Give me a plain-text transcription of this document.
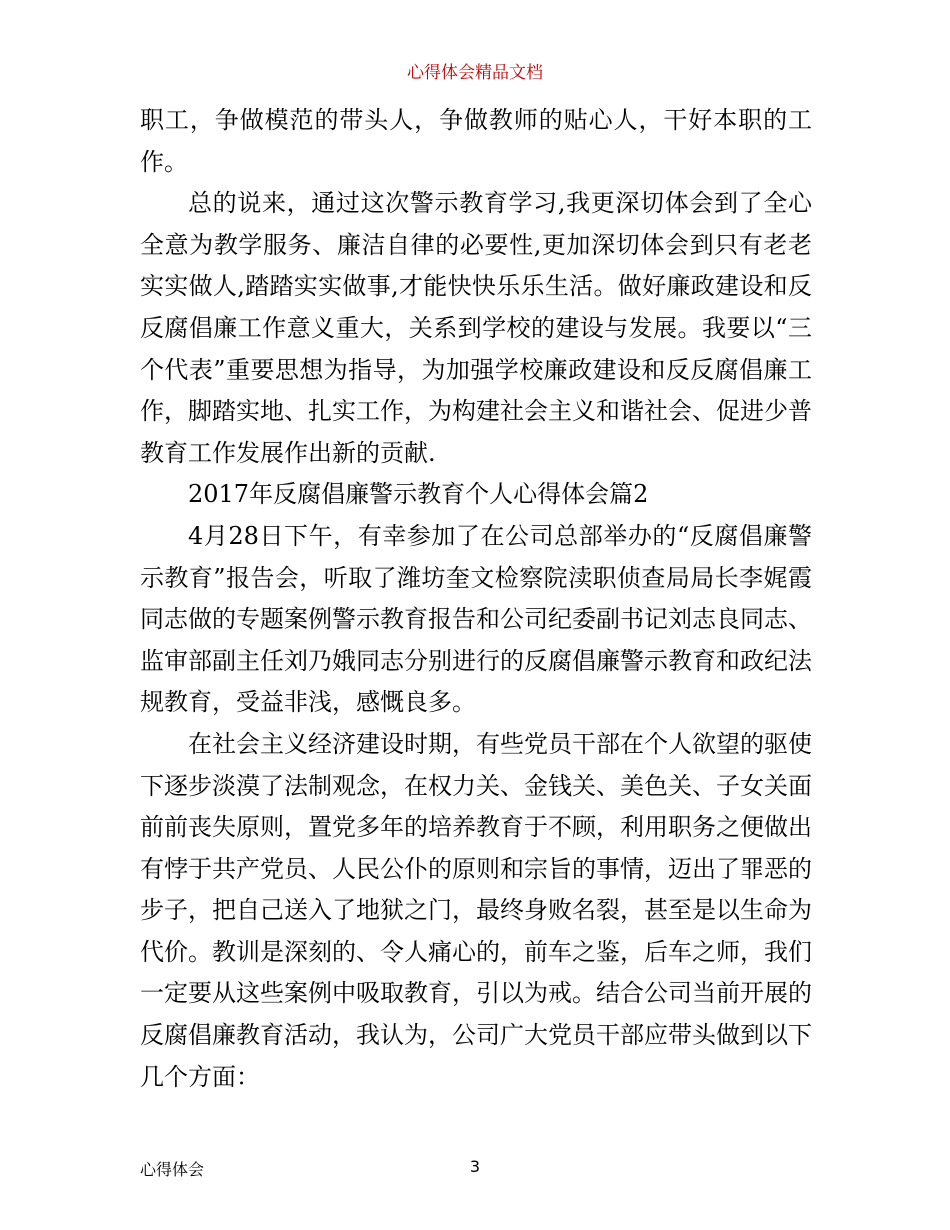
心得体会精品文档

职工，争做模范的带头人，争做教师的贴心人，干好本职的工作。

总的说来，通过这次警示教育学习,我更深切体会到了全心全意为教学服务、廉洁自律的必要性,更加深切体会到只有老老实实做人,踏踏实实做事,才能快快乐乐生活。做好廉政建设和反反腐倡廉工作意义重大，关系到学校的建设与发展。我要以“三个代表”重要思想为指导，为加强学校廉政建设和反反腐倡廉工作，脚踏实地、扎实工作，为构建社会主义和谐社会、促进少普教育工作发展作出新的贡献.

2017年反腐倡廉警示教育个人心得体会篇2

4月28日下午，有幸参加了在公司总部举办的“反腐倡廉警示教育”报告会，听取了潍坊奎文检察院渎职侦查局局长李娓霞同志做的专题案例警示教育报告和公司纪委副书记刘志良同志、监审部副主任刘乃娥同志分别进行的反腐倡廉警示教育和政纪法规教育，受益非浅，感慨良多。

在社会主义经济建设时期，有些党员干部在个人欲望的驱使下逐步淡漠了法制观念，在权力关、金钱关、美色关、子女关面前前丧失原则，置党多年的培养教育于不顾，利用职务之便做出有悖于共产党员、人民公仆的原则和宗旨的事情，迈出了罪恶的步子，把自己送入了地狱之门，最终身败名裂，甚至是以生命为代价。教训是深刻的、令人痛心的，前车之鉴，后车之师，我们一定要从这些案例中吸取教育，引以为戒。结合公司当前开展的反腐倡廉教育活动，我认为，公司广大党员干部应带头做到以下几个方面：

心得体会	3
